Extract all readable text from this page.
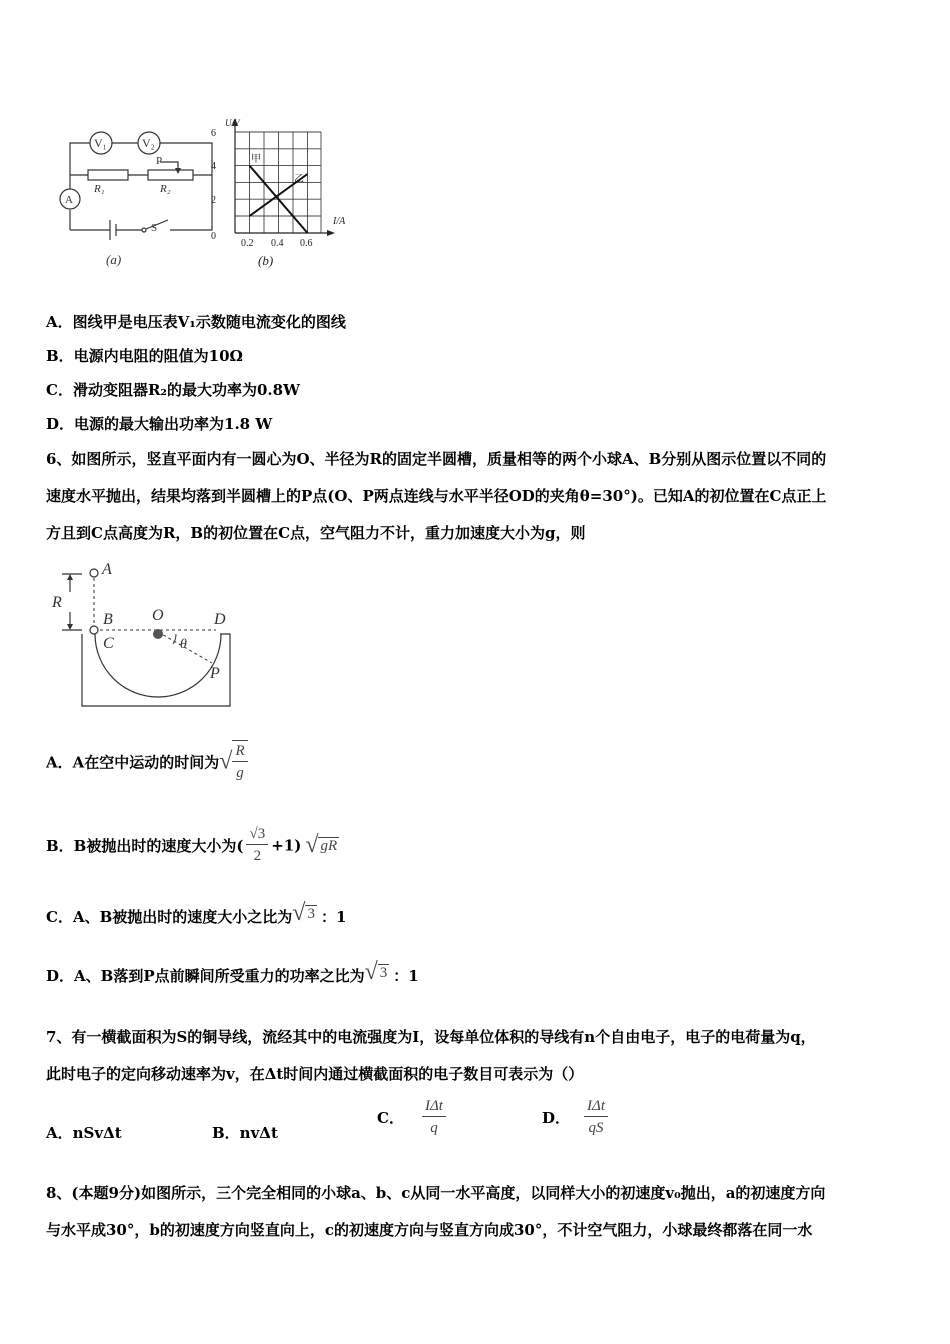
V₁	V₂
P
R₁	R₂
A
S
(a)
U/V
I/A
6
4
2
0
0.2 0.4 0.6
甲
乙
(b)
A．图线甲是电压表V₁示数随电流变化的图线
B．电源内电阻的阻值为10Ω
C．滑动变阻器R₂的最大功率为0.8W
D．电源的最大输出功率为1.8 W
6、如图所示，竖直平面内有一圆心为O、半径为R的固定半圆槽，质量相等的两个小球A、B分别从图示位置以不同的
速度水平抛出，结果均落到半圆槽上的P点(O、P两点连线与水平半径OD的夹角θ=30°)。已知A的初位置在C点正上
方且到C点高度为R，B的初位置在C点，空气阻力不计，重力加速度大小为g，则
A
B
C
O	D
P
R
θ
A．A在空中运动的时间为√ $\frac{R}{g}$
B．B被抛出时的速度大小为( $\frac{√3}{2} +1$) √ gR
C．A、B被抛出时的速度大小之比为√ 3 ：1
D．A、B落到P点前瞬间所受重力的功率之比为√ 3 ：1
7、有一横截面积为S的铜导线，流经其中的电流强度为I，设每单位体积的导线有n个自由电子，电子的电荷量为q，
此时电子的定向移动速率为v，在Δt时间内通过横截面积的电子数目可表示为（）
A．nSvΔt	B．nvΔt
C． $\frac{\text{IΔt}}{q}$	D． $\frac{\text{IΔt}}{qS}$
8、(本题9分)如图所示，三个完全相同的小球a、b、c从同一水平高度，以同样大小的初速度v₀抛出，a的初速度方向
与水平成30°，b的初速度方向竖直向上，c的初速度方向与竖直方向成30°，不计空气阻力，小球最终都落在同一水
